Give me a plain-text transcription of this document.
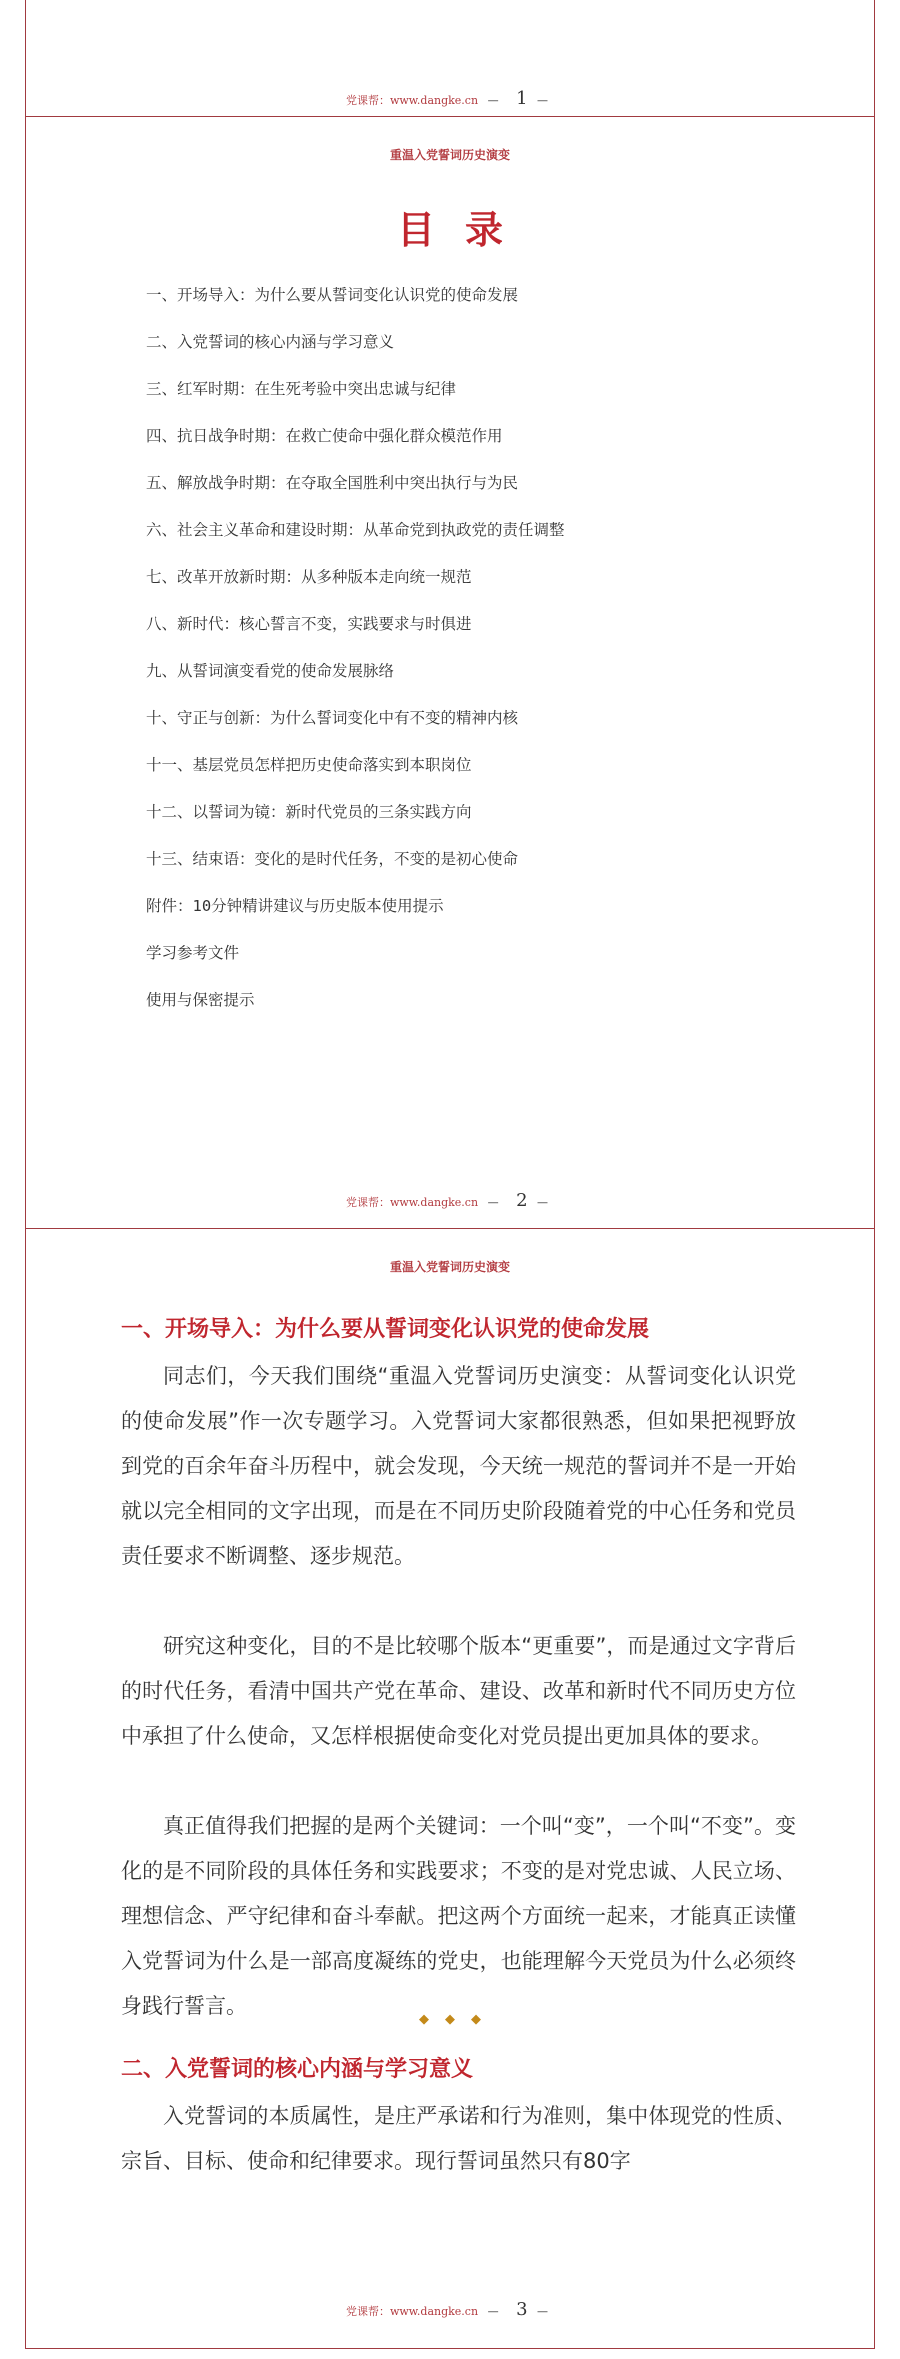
党课帮：www.dangke.cn — 1 —
重温入党誓词历史演变
目录
一、开场导入：为什么要从誓词变化认识党的使命发展
二、入党誓词的核心内涵与学习意义
三、红军时期：在生死考验中突出忠诚与纪律
四、抗日战争时期：在救亡使命中强化群众模范作用
五、解放战争时期：在夺取全国胜利中突出执行与为民
六、社会主义革命和建设时期：从革命党到执政党的责任调整
七、改革开放新时期：从多种版本走向统一规范
八、新时代：核心誓言不变，实践要求与时俱进
九、从誓词演变看党的使命发展脉络
十、守正与创新：为什么誓词变化中有不变的精神内核
十一、基层党员怎样把历史使命落实到本职岗位
十二、以誓词为镜：新时代党员的三条实践方向
十三、结束语：变化的是时代任务，不变的是初心使命
附件：10分钟精讲建议与历史版本使用提示
学习参考文件
使用与保密提示
党课帮：www.dangke.cn — 2 —
重温入党誓词历史演变
一、开场导入：为什么要从誓词变化认识党的使命发展

同志们，今天我们围绕“重温入党誓词历史演变：从誓词变化认识党的使命发展”作一次专题学习。入党誓词大家都很熟悉，但如果把视野放到党的百余年奋斗历程中，就会发现，今天统一规范的誓词并不是一开始就以完全相同的文字出现，而是在不同历史阶段随着党的中心任务和党员责任要求不断调整、逐步规范。

研究这种变化，目的不是比较哪个版本“更重要”，而是通过文字背后的时代任务，看清中国共产党在革命、建设、改革和新时代不同历史方位中承担了什么使命，又怎样根据使命变化对党员提出更加具体的要求。

真正值得我们把握的是两个关键词：一个叫“变”，一个叫“不变”。变化的是不同阶段的具体任务和实践要求；不变的是对党忠诚、人民立场、理想信念、严守纪律和奋斗奉献。把这两个方面统一起来，才能真正读懂入党誓词为什么是一部高度凝练的党史，也能理解今天党员为什么必须终身践行誓言。

◆◆◆
二、入党誓词的核心内涵与学习意义

入党誓词的本质属性，是庄严承诺和行为准则，集中体现党的性质、宗旨、目标、使命和纪律要求。现行誓词虽然只有80字

党课帮：www.dangke.cn — 3 —
